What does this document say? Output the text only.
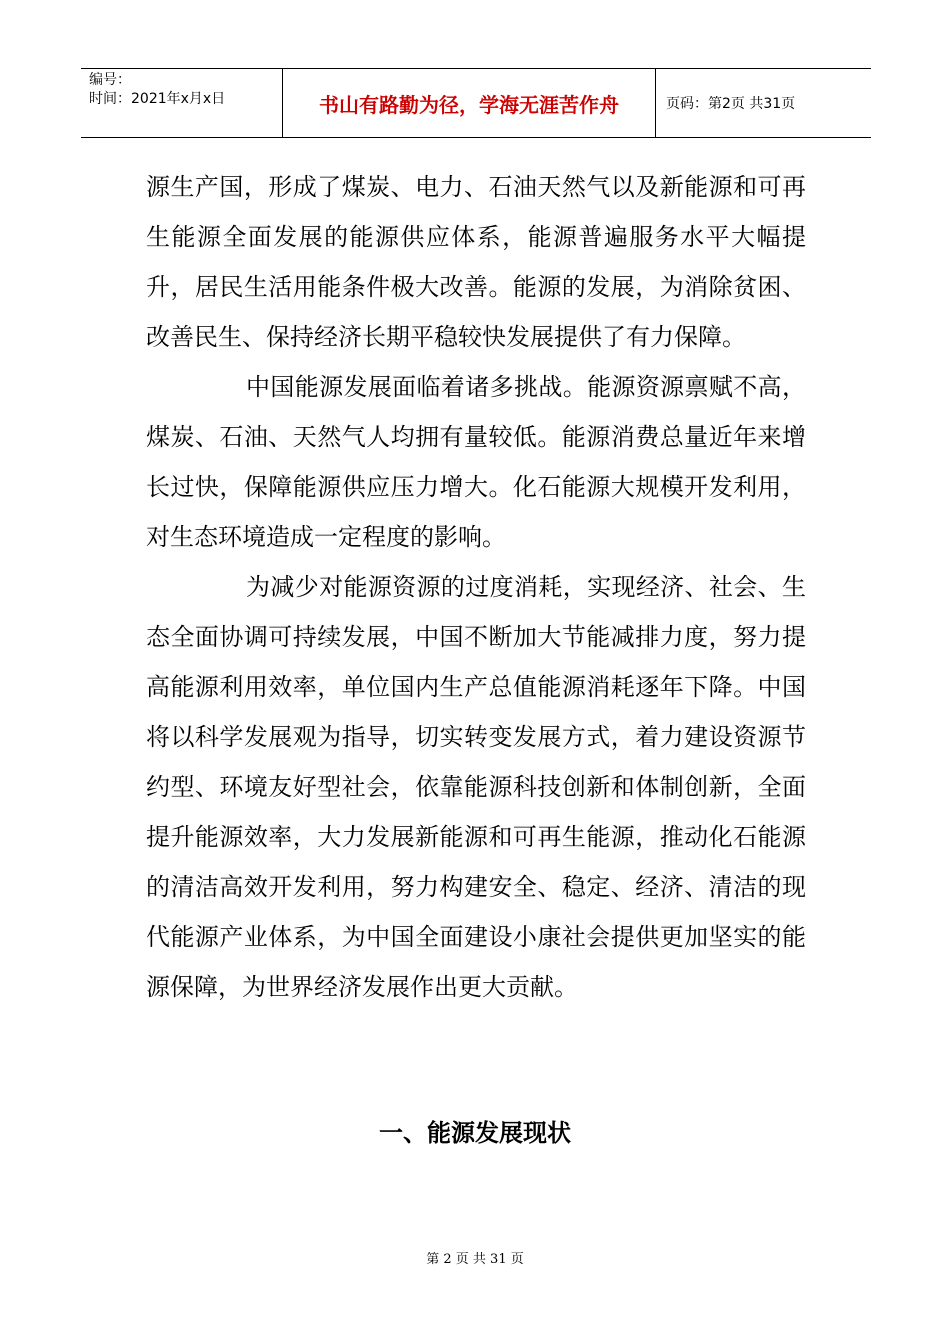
编号：
时间：2021年x月x日	书山有路勤为径，学海无涯苦作舟	页码：第2页 共31页

源生产国，形成了煤炭、电力、石油天然气以及新能源和可再生能源全面发展的能源供应体系，能源普遍服务水平大幅提升，居民生活用能条件极大改善。能源的发展，为消除贫困、改善民生、保持经济长期平稳较快发展提供了有力保障。

中国能源发展面临着诸多挑战。能源资源禀赋不高，煤炭、石油、天然气人均拥有量较低。能源消费总量近年来增长过快，保障能源供应压力增大。化石能源大规模开发利用，对生态环境造成一定程度的影响。

为减少对能源资源的过度消耗，实现经济、社会、生态全面协调可持续发展，中国不断加大节能减排力度，努力提高能源利用效率，单位国内生产总值能源消耗逐年下降。中国将以科学发展观为指导，切实转变发展方式，着力建设资源节约型、环境友好型社会，依靠能源科技创新和体制创新，全面提升能源效率，大力发展新能源和可再生能源，推动化石能源的清洁高效开发利用，努力构建安全、稳定、经济、清洁的现代能源产业体系，为中国全面建设小康社会提供更加坚实的能源保障，为世界经济发展作出更大贡献。

一、能源发展现状
第 2 页 共 31 页
